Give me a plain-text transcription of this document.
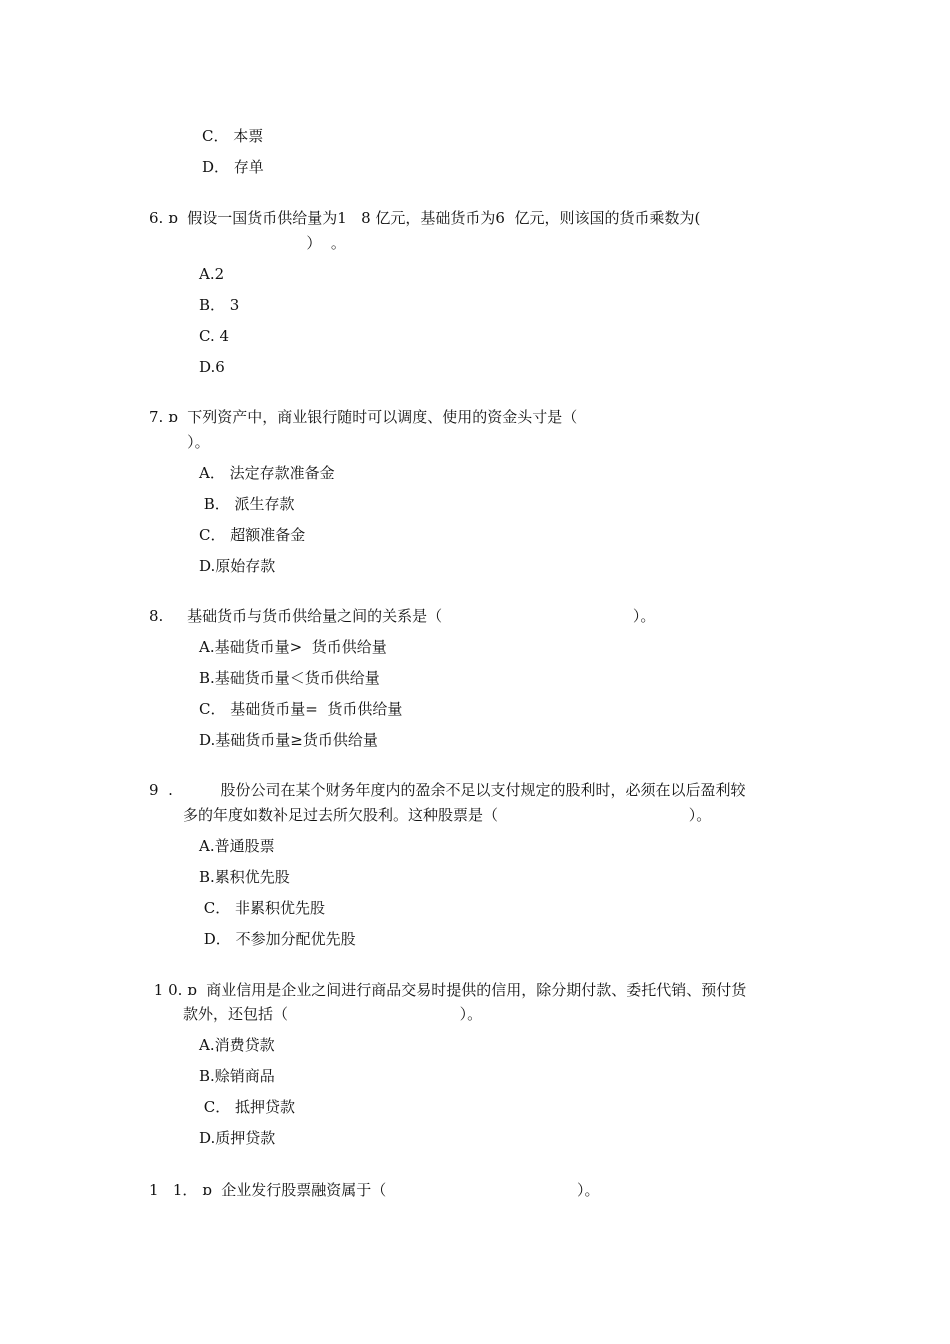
C． 本票
D． 存单
6. ɒ  假设一国货币供给量为1   8 亿元，基础货币为6  亿元，则该国的货币乘数为(
）  。
A.2
B． 3
C. 4
D.6
7. ɒ  下列资产中，商业银行随时可以调度、使用的资金头寸是（
）。
A． 法定存款准备金
B． 派生存款
C． 超额准备金
D.原始存款
8.     基础货币与货币供给量之间的关系是（                                        ）。
A.基础货币量>  货币供给量
B.基础货币量＜货币供给量
C． 基础货币量=  货币供给量
D.基础货币量≥货币供给量
9  .          股份公司在某个财务年度内的盈余不足以支付规定的股利时，必须在以后盈利较
多的年度如数补足过去所欠股利。这种股票是（                                        ）。
A.普通股票
B.累积优先股
C． 非累积优先股
D． 不参加分配优先股
1 0. ɒ  商业信用是企业之间进行商品交易时提供的信用，除分期付款、委托代销、预付货
款外，还包括（                                    ）。
A.消费贷款
B.赊销商品
C． 抵押贷款
D.质押贷款
1   1． ɒ  企业发行股票融资属于（                                        ）。
